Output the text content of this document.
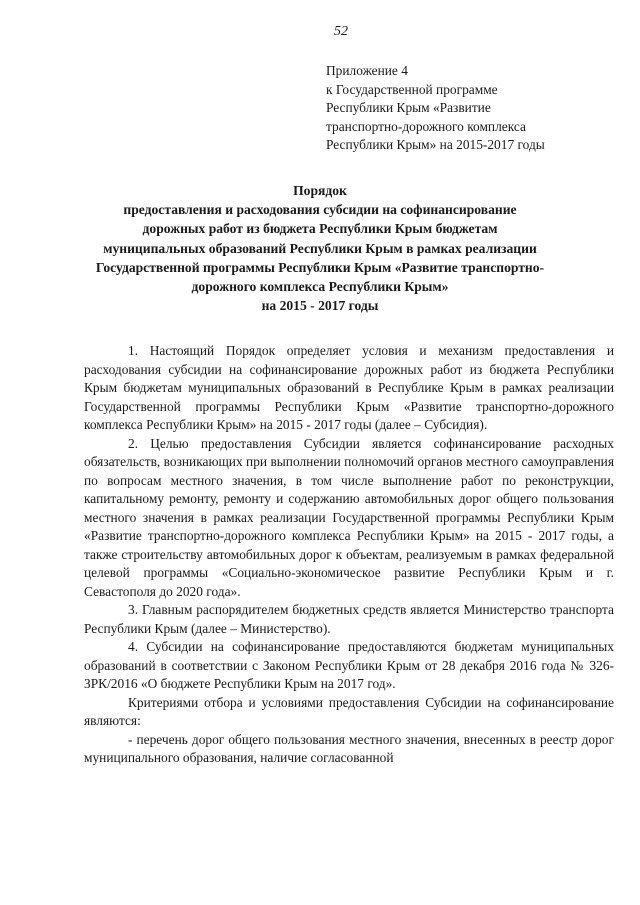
52
Приложение 4
к Государственной программе
Республики Крым «Развитие
транспортно-дорожного комплекса
Республики Крым» на 2015-2017 годы
Порядок
предоставления и расходования субсидии на софинансирование
дорожных работ из бюджета Республики Крым бюджетам
муниципальных образований Республики Крым в рамках реализации
Государственной программы Республики Крым «Развитие транспортно-
дорожного комплекса Республики Крым»
на 2015 - 2017 годы

1. Настоящий Порядок определяет условия и механизм предоставления и расходования субсидии на софинансирование дорожных работ из бюджета Республики Крым бюджетам муниципальных образований в Республике Крым в рамках реализации Государственной программы Республики Крым «Развитие транспортно-дорожного комплекса Республики Крым» на 2015 - 2017 годы (далее – Субсидия).

2. Целью предоставления Субсидии является софинансирование расходных обязательств, возникающих при выполнении полномочий органов местного самоуправления по вопросам местного значения, в том числе выполнение работ по реконструкции, капитальному ремонту, ремонту и содержанию автомобильных дорог общего пользования местного значения в рамках реализации Государственной программы Республики Крым «Развитие транспортно-дорожного комплекса Республики Крым» на 2015 - 2017 годы, а также строительству автомобильных дорог к объектам, реализуемым в рамках федеральной целевой программы «Социально-экономическое развитие Республики Крым и г. Севастополя до 2020 года».

3. Главным распорядителем бюджетных средств является Министерство транспорта Республики Крым (далее – Министерство).

4. Субсидии на софинансирование предоставляются бюджетам муниципальных образований в соответствии с Законом Республики Крым от 28 декабря 2016 года № 326-ЗРК/2016 «О бюджете Республики Крым на 2017 год».

Критериями отбора и условиями предоставления Субсидии на софинансирование являются:

- перечень дорог общего пользования местного значения, внесенных в реестр дорог муниципального образования, наличие согласованной
